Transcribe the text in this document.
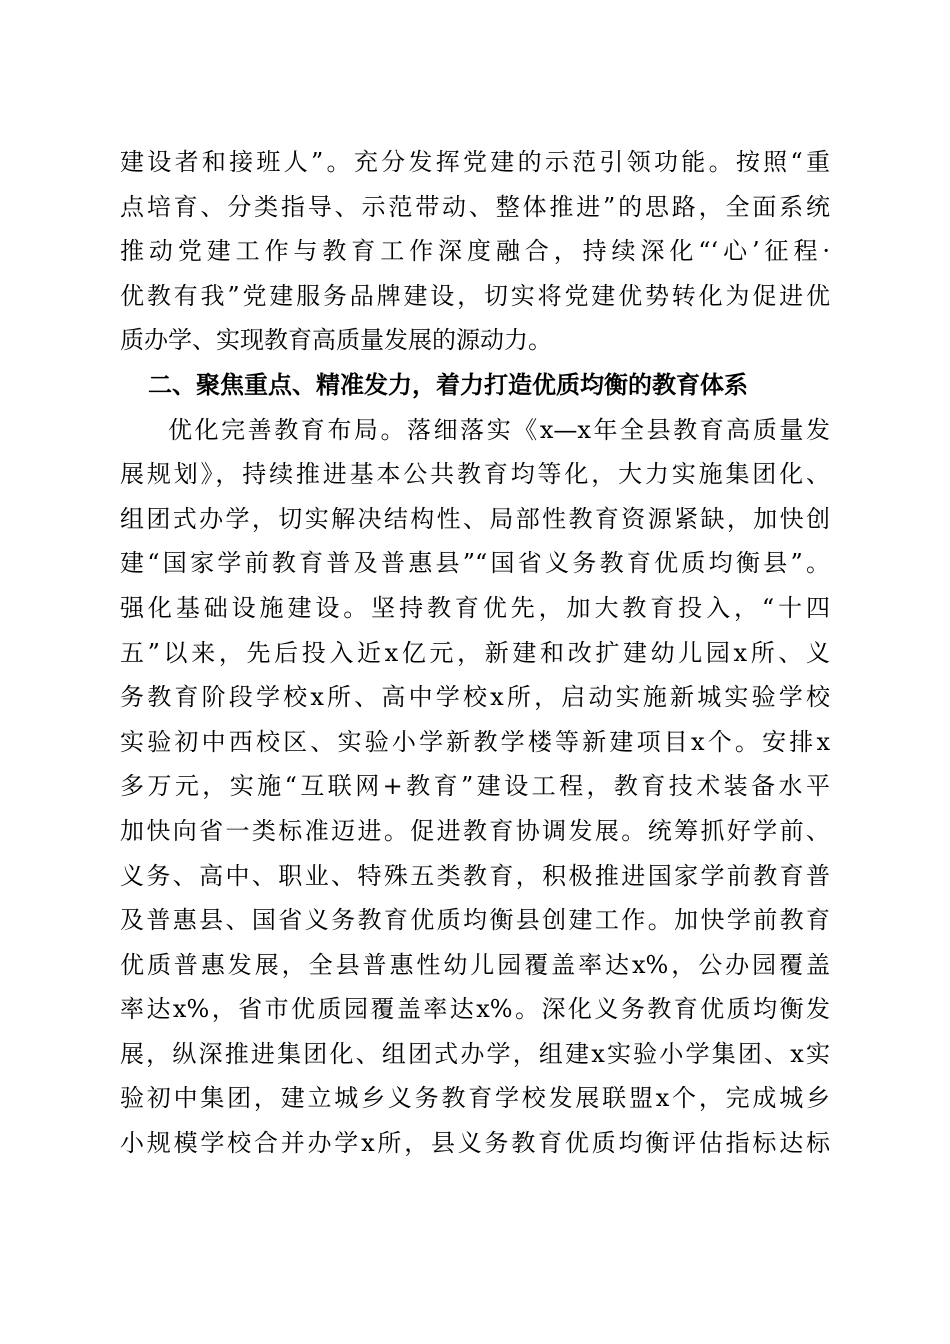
建设者和接班人”。充分发挥党建的示范引领功能。按照“重
点培育、分类指导、示范带动、整体推进”的思路，全面系统
推动党建工作与教育工作深度融合，持续深化“‘心’征程·
优教有我”党建服务品牌建设，切实将党建优势转化为促进优
质办学、实现教育高质量发展的源动力。
二、聚焦重点、精准发力，着力打造优质均衡的教育体系
优化完善教育布局。落细落实《x—x年全县教育高质量发
展规划》，持续推进基本公共教育均等化，大力实施集团化、
组团式办学，切实解决结构性、局部性教育资源紧缺，加快创
建“国家学前教育普及普惠县”“国省义务教育优质均衡县”。
强化基础设施建设。坚持教育优先，加大教育投入，“十四
五”以来，先后投入近x亿元，新建和改扩建幼儿园x所、义
务教育阶段学校x所、高中学校x所，启动实施新城实验学校
实验初中西校区、实验小学新教学楼等新建项目x个。安排x
多万元，实施“互联网+教育”建设工程，教育技术装备水平
加快向省一类标准迈进。促进教育协调发展。统筹抓好学前、
义务、高中、职业、特殊五类教育，积极推进国家学前教育普
及普惠县、国省义务教育优质均衡县创建工作。加快学前教育
优质普惠发展，全县普惠性幼儿园覆盖率达x%，公办园覆盖
率达x%，省市优质园覆盖率达x%。深化义务教育优质均衡发
展，纵深推进集团化、组团式办学，组建x实验小学集团、x实
验初中集团，建立城乡义务教育学校发展联盟x个，完成城乡
小规模学校合并办学x所，县义务教育优质均衡评估指标达标
